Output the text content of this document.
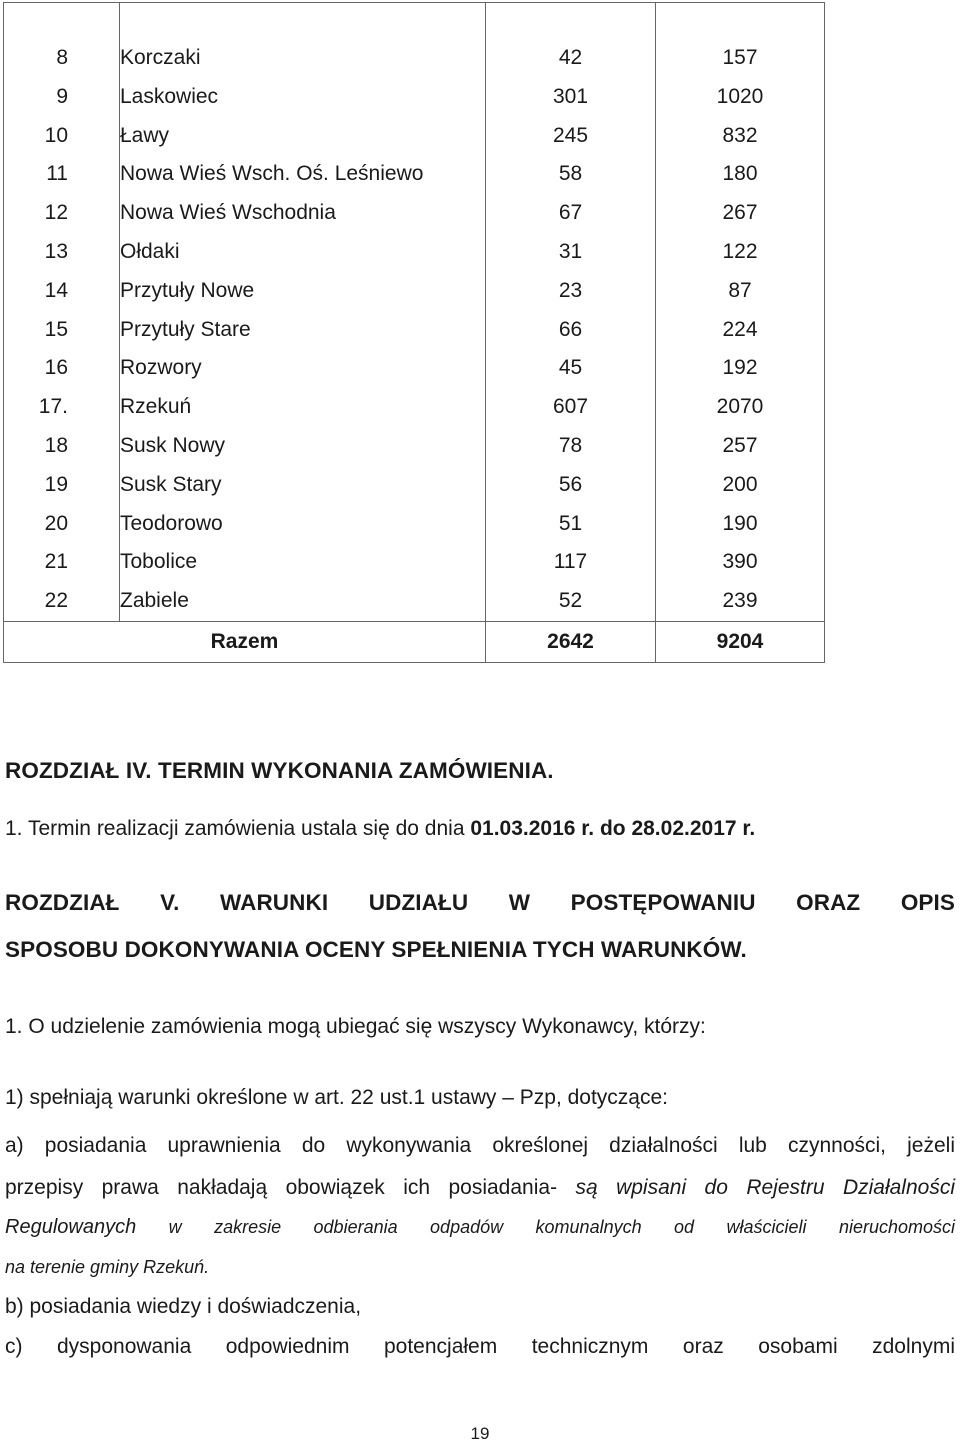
8	Korczaki	42	157
9	Laskowiec	301	1020
10	Ławy	245	832
11	Nowa Wieś Wsch. Oś. Leśniewo	58	180
12	Nowa Wieś Wschodnia	67	267
13	Ołdaki	31	122
14	Przytuły Nowe	23	87
15	Przytuły Stare	66	224
16	Rozwory	45	192
17.	Rzekuń	607	2070
18	Susk Nowy	78	257
19	Susk Stary	56	200
20	Teodorowo	51	190
21	Tobolice	117	390
22	Zabiele	52	239
Razem		2642	9204
ROZDZIAŁ IV. TERMIN WYKONANIA ZAMÓWIENIA.
1. Termin realizacji zamówienia ustala się do dnia 01.03.2016 r. do 28.02.2017 r.
ROZDZIAŁ V. WARUNKI UDZIAŁU W POSTĘPOWANIU ORAZ OPIS
SPOSOBU DOKONYWANIA OCENY SPEŁNIENIA TYCH WARUNKÓW.
1. O udzielenie zamówienia mogą ubiegać się wszyscy Wykonawcy, którzy:
1) spełniają warunki określone w art. 22 ust.1 ustawy – Pzp, dotyczące:
a) posiadania uprawnienia do wykonywania określonej działalności lub czynności, jeżeli
przepisy prawa nakładają obowiązek ich posiadania- są wpisani do Rejestru Działalności
Regulowanych w zakresie odbierania odpadów komunalnych od właścicieli nieruchomości
na terenie gminy Rzekuń.
b) posiadania wiedzy i doświadczenia,
c) dysponowania odpowiednim potencjałem technicznym oraz osobami zdolnymi
19
